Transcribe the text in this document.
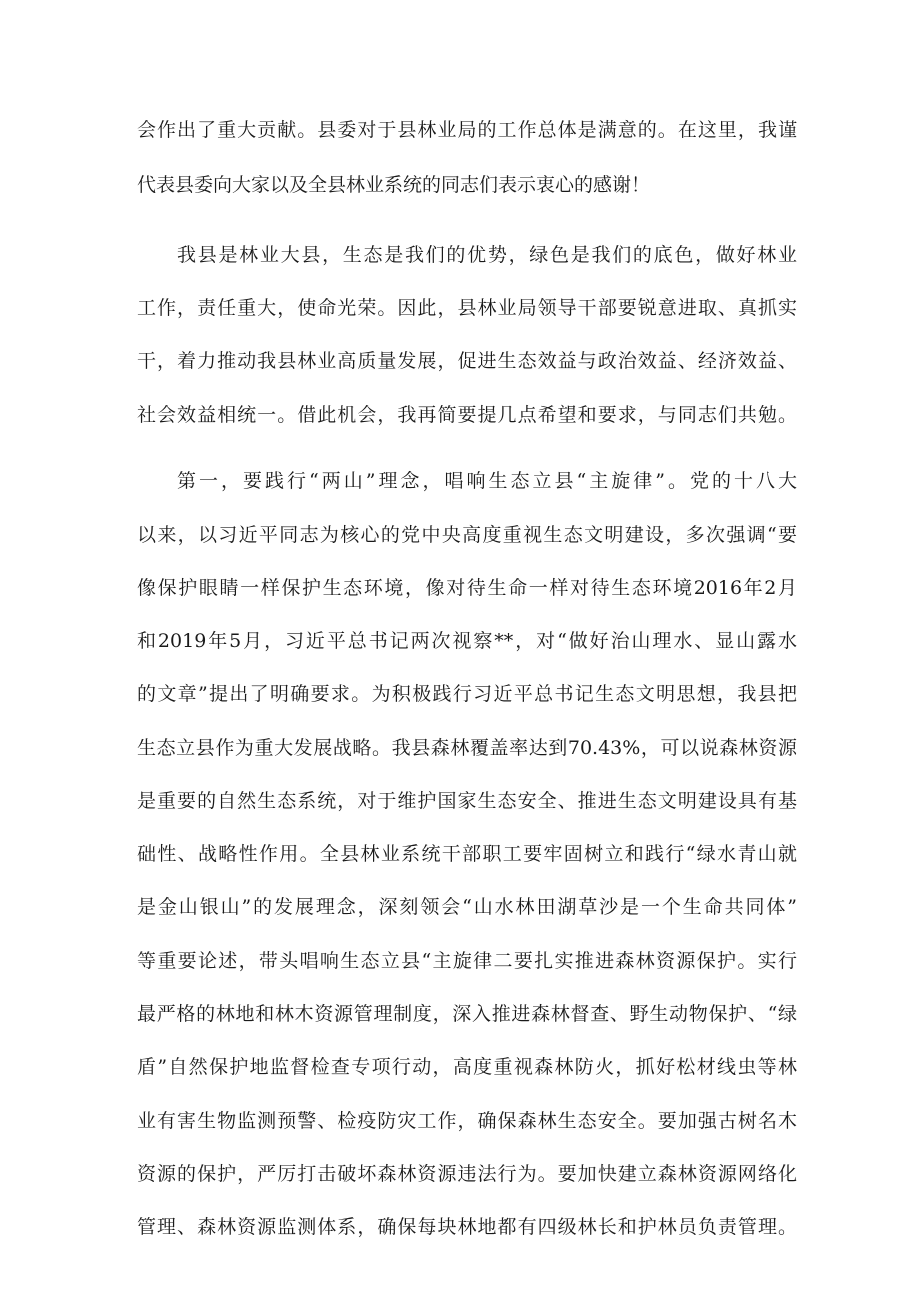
会作出了重大贡献。县委对于县林业局的工作总体是满意的。在这里，我谨
代表县委向大家以及全县林业系统的同志们表示衷心的感谢！
我县是林业大县，生态是我们的优势，绿色是我们的底色，做好林业
工作，责任重大，使命光荣。因此，县林业局领导干部要锐意进取、真抓实
干，着力推动我县林业高质量发展，促进生态效益与政治效益、经济效益、
社会效益相统一。借此机会，我再简要提几点希望和要求，与同志们共勉。
第一，要践行“两山”理念，唱响生态立县“主旋律”。党的十八大
以来，以习近平同志为核心的党中央高度重视生态文明建设，多次强调“要
像保护眼睛一样保护生态环境，像对待生命一样对待生态环境2016年2月
和2019年5月，习近平总书记两次视察**，对“做好治山理水、显山露水
的文章”提出了明确要求。为积极践行习近平总书记生态文明思想，我县把
生态立县作为重大发展战略。我县森林覆盖率达到70.43%，可以说森林资源
是重要的自然生态系统，对于维护国家生态安全、推进生态文明建设具有基
础性、战略性作用。全县林业系统干部职工要牢固树立和践行“绿水青山就
是金山银山”的发展理念，深刻领会“山水林田湖草沙是一个生命共同体”
等重要论述，带头唱响生态立县“主旋律二要扎实推进森林资源保护。实行
最严格的林地和林木资源管理制度，深入推进森林督查、野生动物保护、“绿
盾”自然保护地监督检查专项行动，高度重视森林防火，抓好松材线虫等林
业有害生物监测预警、检疫防灾工作，确保森林生态安全。要加强古树名木
资源的保护，严厉打击破坏森林资源违法行为。要加快建立森林资源网络化
管理、森林资源监测体系，确保每块林地都有四级林长和护林员负责管理。
